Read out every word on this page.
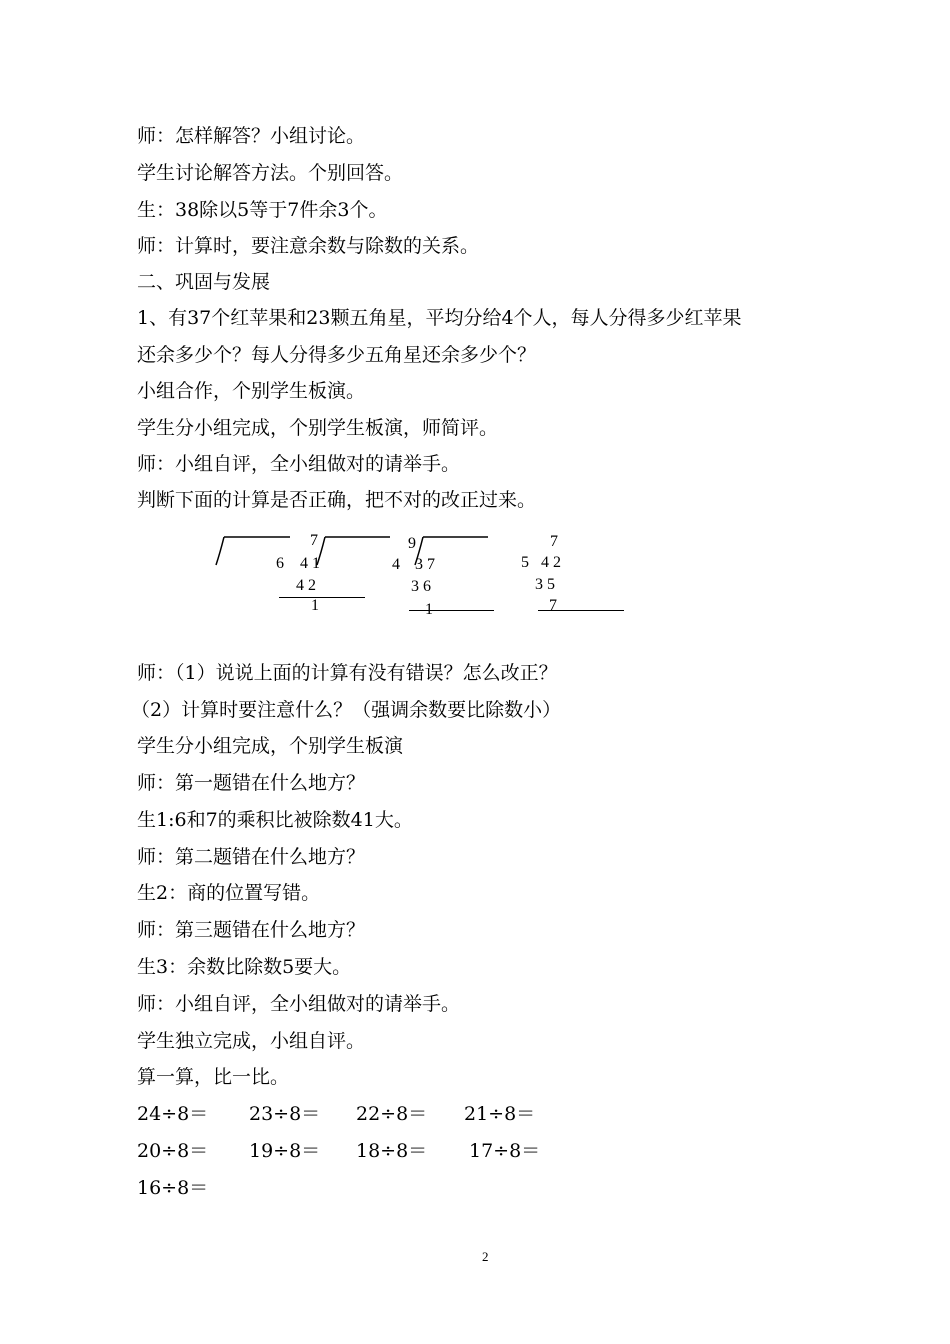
师：怎样解答？小组讨论。
学生讨论解答方法。个别回答。
生：38除以5等于7件余3个。
师：计算时，要注意余数与除数的关系。
二、巩固与发展
1、有37个红苹果和23颗五角星，平均分给4个人，每人分得多少红苹果
还余多少个？每人分得多少五角星还余多少个？
小组合作，个别学生板演。
学生分小组完成，个别学生板演，师简评。
师：小组自评，全小组做对的请举手。
判断下面的计算是否正确，把不对的改正过来。
7
6 4 1
4 2
1
9
4 3 7
3 6
1
7
5 4 2
3 5
7
师：（1）说说上面的计算有没有错误？怎么改正？
（2）计算时要注意什么？（强调余数要比除数小）
学生分小组完成，个别学生板演
师：第一题错在什么地方？
生1:6和7的乘积比被除数41大。
师：第二题错在什么地方？
生2：商的位置写错。
师：第三题错在什么地方？
生3：余数比除数5要大。
师：小组自评，全小组做对的请举手。
学生独立完成，小组自评。
算一算，比一比。
24÷8＝ 23÷8＝ 22÷8＝ 21÷8＝
20÷8＝ 19÷8＝ 18÷8＝ 17÷8＝
16÷8＝
2
